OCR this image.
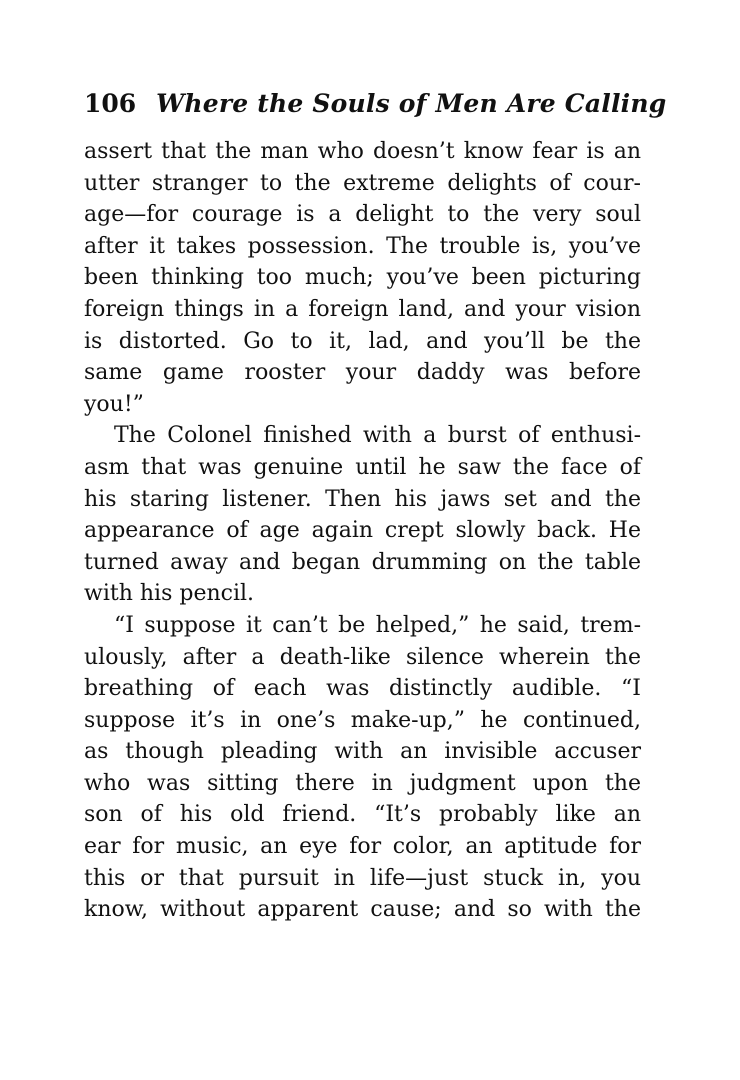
106 Where the Souls of Men Are Calling
assert that the man who doesn’t know fear is an
utter stranger to the extreme delights of cour-
age—for courage is a delight to the very soul
after it takes possession. The trouble is, you’ve
been thinking too much; you’ve been picturing
foreign things in a foreign land, and your vision
is distorted. Go to it, lad, and you’ll be the
same game rooster your daddy was before
you!”
The Colonel finished with a burst of enthusi-
asm that was genuine until he saw the face of
his staring listener. Then his jaws set and the
appearance of age again crept slowly back. He
turned away and began drumming on the table
with his pencil.
“I suppose it can’t be helped,” he said, trem-
ulously, after a death-like silence wherein the
breathing of each was distinctly audible. “I
suppose it’s in one’s make-up,” he continued,
as though pleading with an invisible accuser
who was sitting there in judgment upon the
son of his old friend. “It’s probably like an
ear for music, an eye for color, an aptitude for
this or that pursuit in life—just stuck in, you
know, without apparent cause; and so with the
